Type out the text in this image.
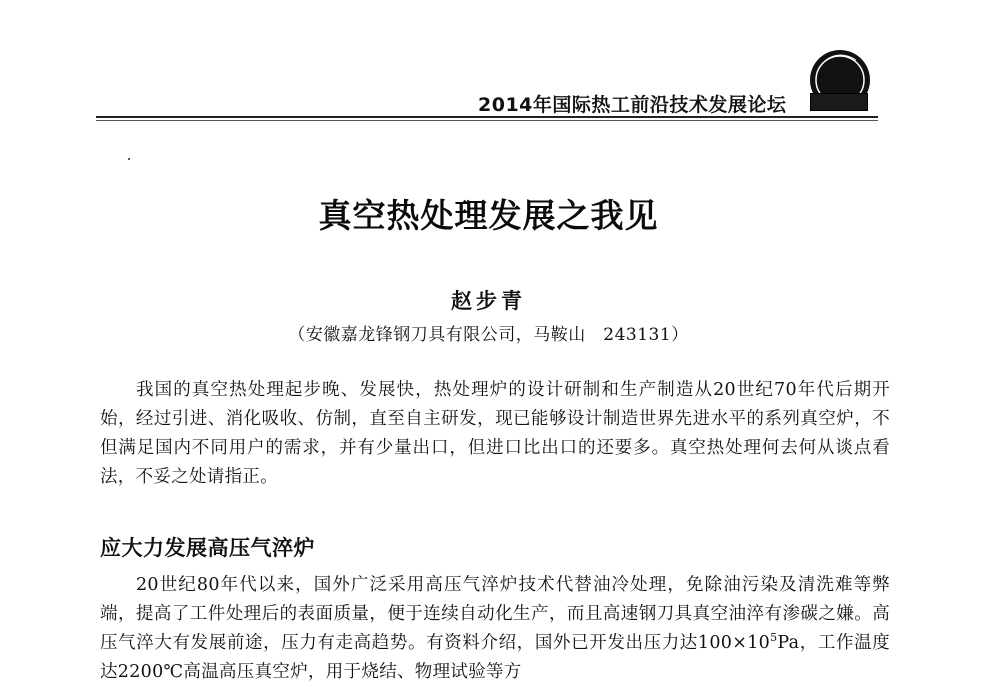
2014年国际热工前沿技术发展论坛
真空热处理发展之我见
赵步青
（安徽嘉龙锋钢刀具有限公司，马鞍山　243131）

我国的真空热处理起步晚、发展快，热处理炉的设计研制和生产制造从20世纪70年代后期开始，经过引进、消化吸收、仿制，直至自主研发，现已能够设计制造世界先进水平的系列真空炉，不但满足国内不同用户的需求，并有少量出口，但进口比出口的还要多。真空热处理何去何从谈点看法，不妥之处请指正。

应大力发展高压气淬炉

20世纪80年代以来，国外广泛采用高压气淬炉技术代替油冷处理，免除油污染及清洗难等弊端，提高了工件处理后的表面质量，便于连续自动化生产，而且高速钢刀具真空油淬有渗碳之嫌。高压气淬大有发展前途，压力有走高趋势。有资料介绍，国外已开发出压力达$100\times 10^5Pa$，工作温度达2200℃高温高压真空炉，用于烧结、物理试验等方
